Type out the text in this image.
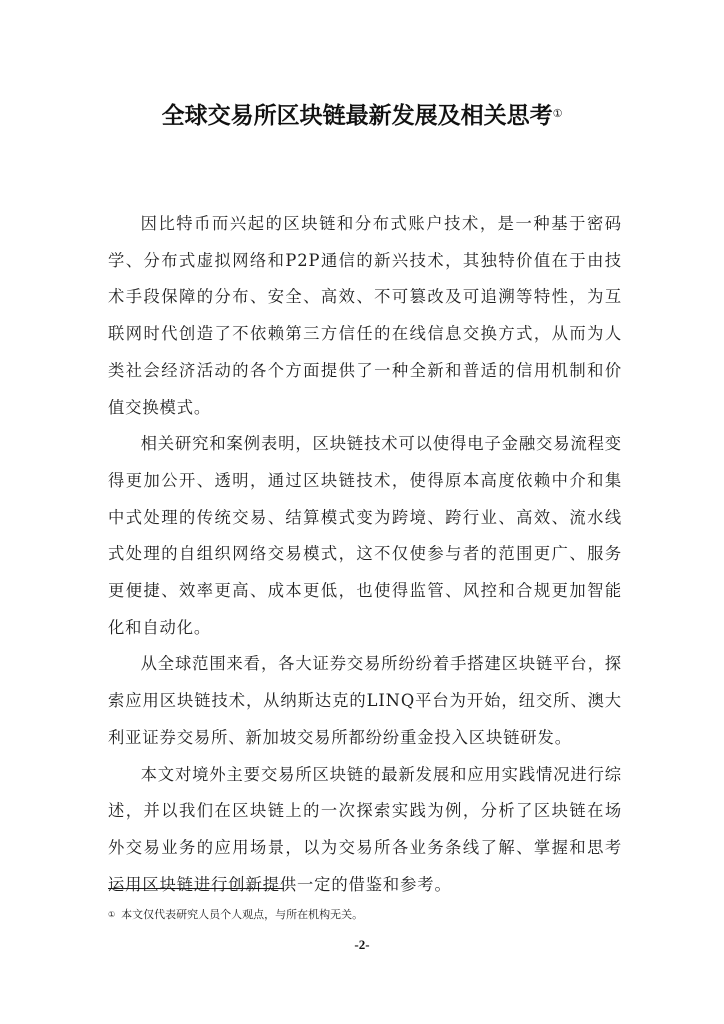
全球交易所区块链最新发展及相关思考①

因比特币而兴起的区块链和分布式账户技术，是一种基于密码学、分布式虚拟网络和P2P通信的新兴技术，其独特价值在于由技术手段保障的分布、安全、高效、不可篡改及可追溯等特性，为互联网时代创造了不依赖第三方信任的在线信息交换方式，从而为人类社会经济活动的各个方面提供了一种全新和普适的信用机制和价值交换模式。

相关研究和案例表明，区块链技术可以使得电子金融交易流程变得更加公开、透明，通过区块链技术，使得原本高度依赖中介和集中式处理的传统交易、结算模式变为跨境、跨行业、高效、流水线式处理的自组织网络交易模式，这不仅使参与者的范围更广、服务更便捷、效率更高、成本更低，也使得监管、风控和合规更加智能化和自动化。

从全球范围来看，各大证券交易所纷纷着手搭建区块链平台，探索应用区块链技术，从纳斯达克的LINQ平台为开始，纽交所、澳大利亚证券交易所、新加坡交易所都纷纷重金投入区块链研发。

本文对境外主要交易所区块链的最新发展和应用实践情况进行综述，并以我们在区块链上的一次探索实践为例，分析了区块链在场外交易业务的应用场景，以为交易所各业务条线了解、掌握和思考运用区块链进行创新提供一定的借鉴和参考。

① 本文仅代表研究人员个人观点，与所在机构无关。
-2-
